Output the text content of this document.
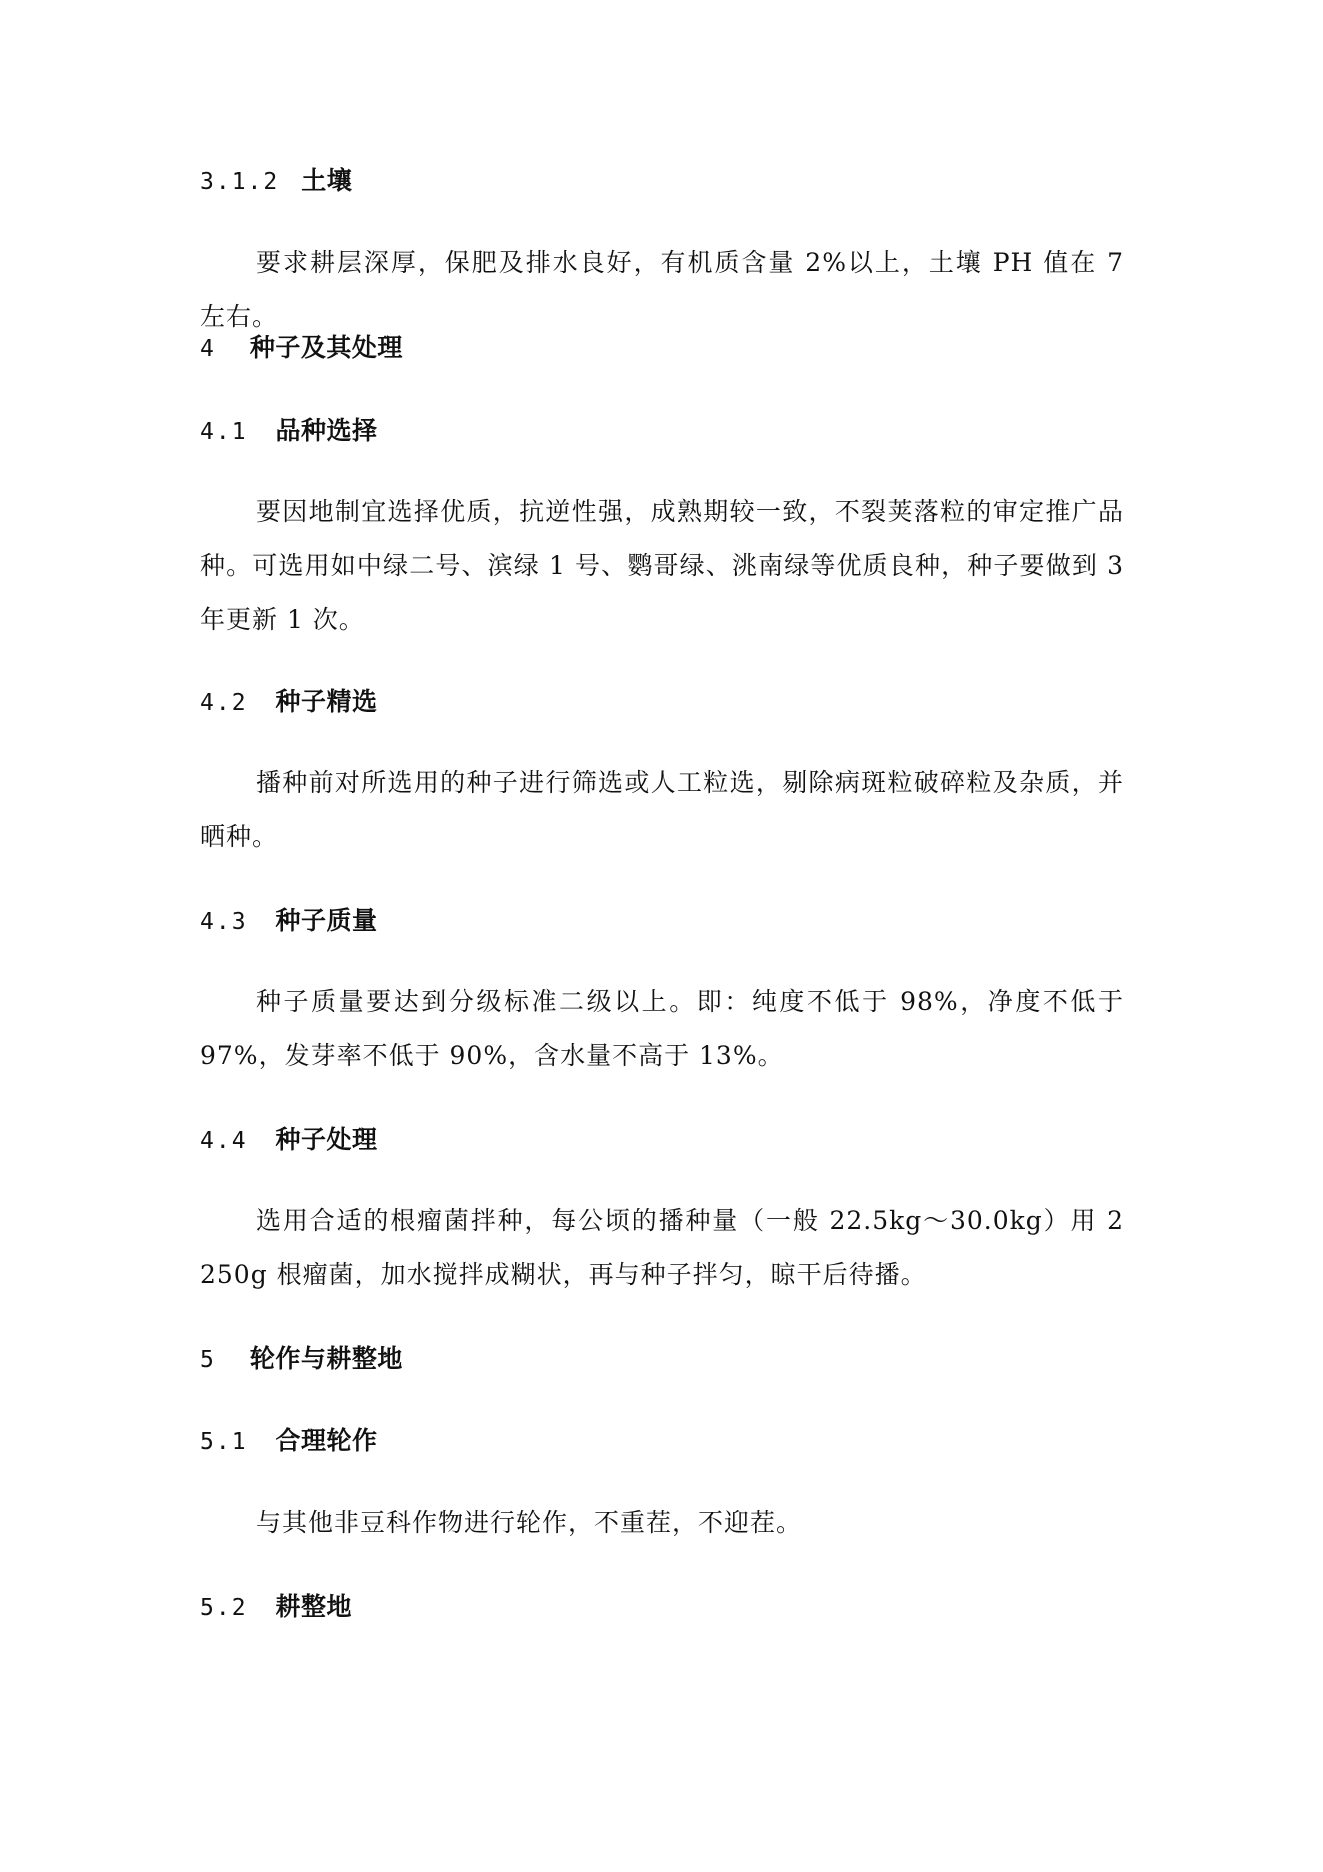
3.1.2 土壤
要求耕层深厚，保肥及排水良好，有机质含量 2%以上，土壤 PH 值在 7 左右。
4 种子及其处理
4.1 品种选择
要因地制宜选择优质，抗逆性强，成熟期较一致，不裂荚落粒的审定推广品种。可选用如中绿二号、滨绿 1 号、鹦哥绿、洮南绿等优质良种，种子要做到 3 年更新 1 次。
4.2 种子精选
播种前对所选用的种子进行筛选或人工粒选，剔除病斑粒破碎粒及杂质，并晒种。
4.3 种子质量
种子质量要达到分级标准二级以上。即：纯度不低于 98%，净度不低于 97%，发芽率不低于 90%，含水量不高于 13%。
4.4 种子处理
选用合适的根瘤菌拌种，每公顷的播种量（一般 22.5kg～30.0kg）用 2 250g 根瘤菌，加水搅拌成糊状，再与种子拌匀，晾干后待播。
5 轮作与耕整地
5.1 合理轮作
与其他非豆科作物进行轮作，不重茬，不迎茬。
5.2 耕整地
